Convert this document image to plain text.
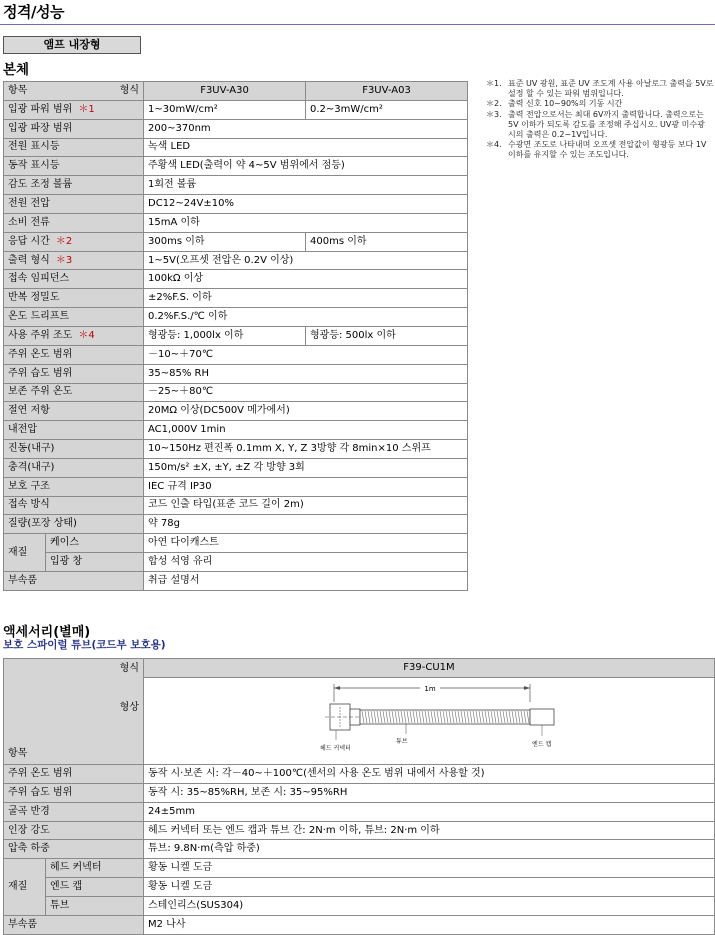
정격/성능
앰프 내장형
본체
항목 형식		F3UV-A30	F3UV-A03
입광 파워 범위 ＊1		1~30mW/cm²	0.2~3mW/cm²
입광 파장 범위		200~370nm	
전원 표시등		녹색 LED	
동작 표시등		주황색 LED(출력이 약 4~5V 범위에서 점등)	
감도 조정 볼륨		1회전 볼륨	
전원 전압		DC12~24V±10%	
소비 전류		15mA 이하	
응답 시간 ＊2		300ms 이하	400ms 이하
출력 형식 ＊3		1~5V(오프셋 전압은 0.2V 이상)	
접속 임피던스		100kΩ 이상	
반복 정밀도		±2%F.S. 이하	
온도 드리프트		0.2%F.S./℃ 이하	
사용 주위 조도 ＊4		형광등: 1,000lx 이하	형광등: 500lx 이하
주위 온도 범위		－10~＋70℃	
주위 습도 범위		35~85% RH	
보존 주위 온도		－25~＋80℃	
절연 저항		20MΩ 이상(DC500V 메가에서)	
내전압		AC1,000V 1min	
진동(내구)		10~150Hz 편진폭 0.1mm X, Y, Z 3방향 각 8min×10 스위프	
충격(내구)		150m/s² ±X, ±Y, ±Z 각 방향 3회	
보호 구조		IEC 규격 IP30	
접속 방식		코드 인출 타입(표준 코드 길이 2m)	
질량(포장 상태)		약 78g	
재질	케이스	아연 다이캐스트	
	입광 창	합성 석영 유리	
부속품		취급 설명서	
＊1. 표준 UV 광원, 표준 UV 조도계 사용 아날로그 출력을 5V로 설정 할 수 있는 파워 범위입니다.
＊2. 출력 신호 10~90%의 기동 시간
＊3. 출력 전압으로서는 최대 6V까지 출력합니다. 출력으로는 5V 이하가 되도록 감도를 조정해 주십시오. UV광 미수광 시의 출력은 0.2~1V입니다.
＊4. 수광면 조도로 나타내며 오프셋 전압값이 형광등 보다 1V 이하를 유지할 수 있는 조도입니다.
액세서리(별매)
보호 스파이럴 튜브(코드부 보호용)
형식
형상
항목		F39-CU1M

1m
헤드 커넥터
튜브 엔드 캡

주위 온도 범위		동작 시·보존 시: 각－40~＋100℃(센서의 사용 온도 범위 내에서 사용할 것)
주위 습도 범위		동작 시: 35~85%RH, 보존 시: 35~95%RH
굴곡 반경		24±5mm
인장 강도		헤드 커넥터 또는 엔드 캡과 튜브 간: 2N·m 이하, 튜브: 2N·m 이하
압축 하중		튜브: 9.8N·m(측압 하중)
재질	헤드 커넥터	황동 니켈 도금
	엔드 캡	황동 니켈 도금
	튜브	스테인리스(SUS304)
부속품		M2 나사
